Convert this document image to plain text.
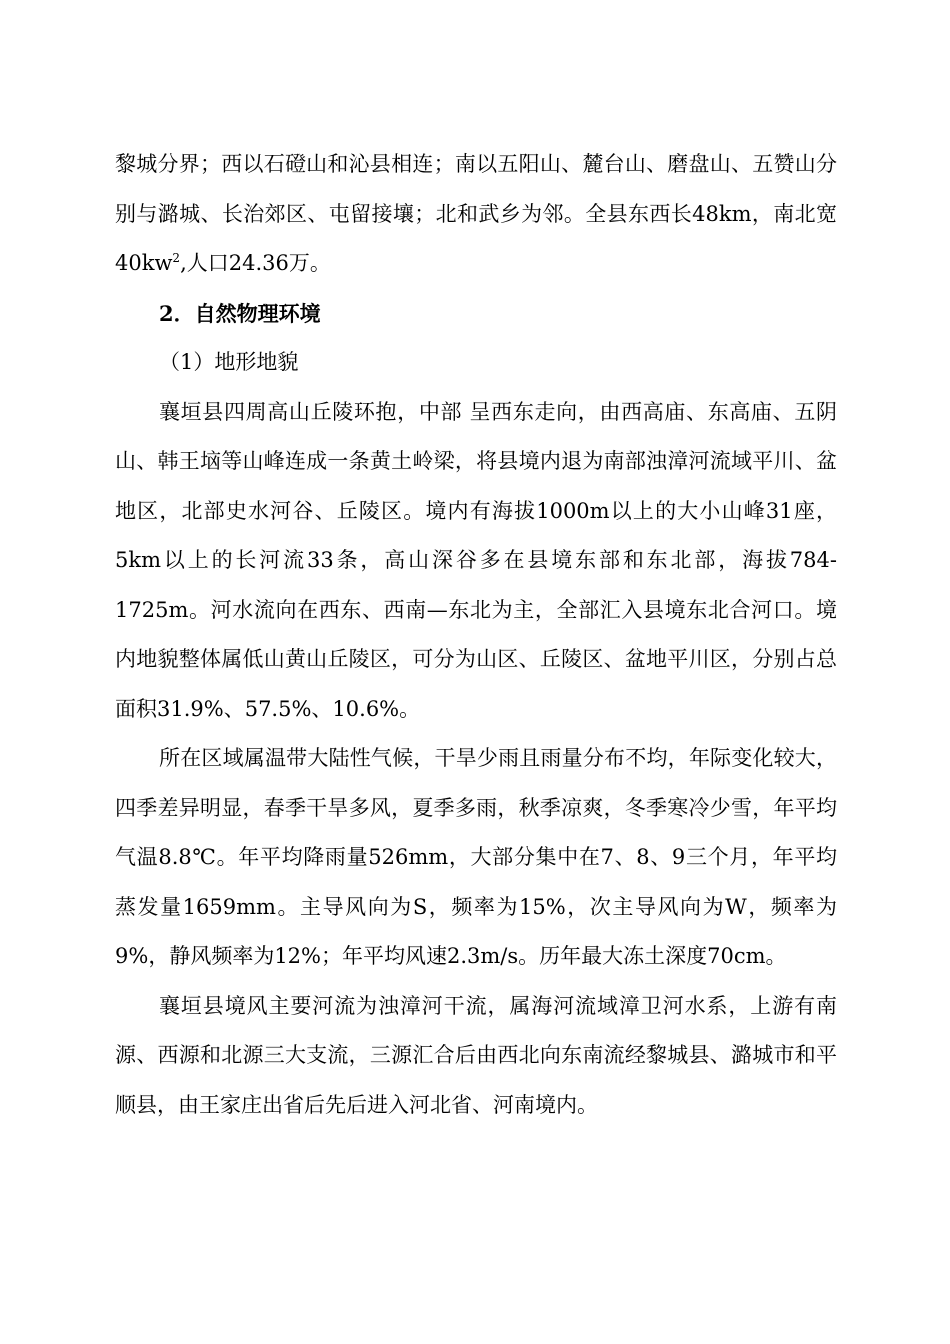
黎城分界；西以石磴山和沁县相连；南以五阳山、麓台山、磨盘山、五赞山分别与潞城、长治郊区、屯留接壤；北和武乡为邻。全县东西长48km，南北宽$40kw^2$,人口24.36万。

2．自然物理环境

（1）地形地貌

襄垣县四周高山丘陵环抱，中部 呈西东走向，由西高庙、东高庙、五阴山、韩王垴等山峰连成一条黄土岭梁，将县境内退为南部浊漳河流域平川、盆地区，北部史水河谷、丘陵区。境内有海拔1000m以上的大小山峰31座，5km以上的长河流33条，高山深谷多在县境东部和东北部，海拔784-1725m。河水流向在西东、西南—东北为主，全部汇入县境东北合河口。境内地貌整体属低山黄山丘陵区，可分为山区、丘陵区、盆地平川区，分别占总面积31.9%、57.5%、10.6%。

所在区域属温带大陆性气候，干旱少雨且雨量分布不均，年际变化较大，四季差异明显，春季干旱多风，夏季多雨，秋季凉爽，冬季寒冷少雪，年平均气温8.8℃。年平均降雨量526mm，大部分集中在7、8、9三个月，年平均蒸发量1659mm。主导风向为S，频率为15%，次主导风向为W，频率为9%，静风频率为12%；年平均风速2.3m/s。历年最大冻土深度70cm。

襄垣县境风主要河流为浊漳河干流，属海河流域漳卫河水系，上游有南源、西源和北源三大支流，三源汇合后由西北向东南流经黎城县、潞城市和平顺县，由王家庄出省后先后进入河北省、河南境内。
